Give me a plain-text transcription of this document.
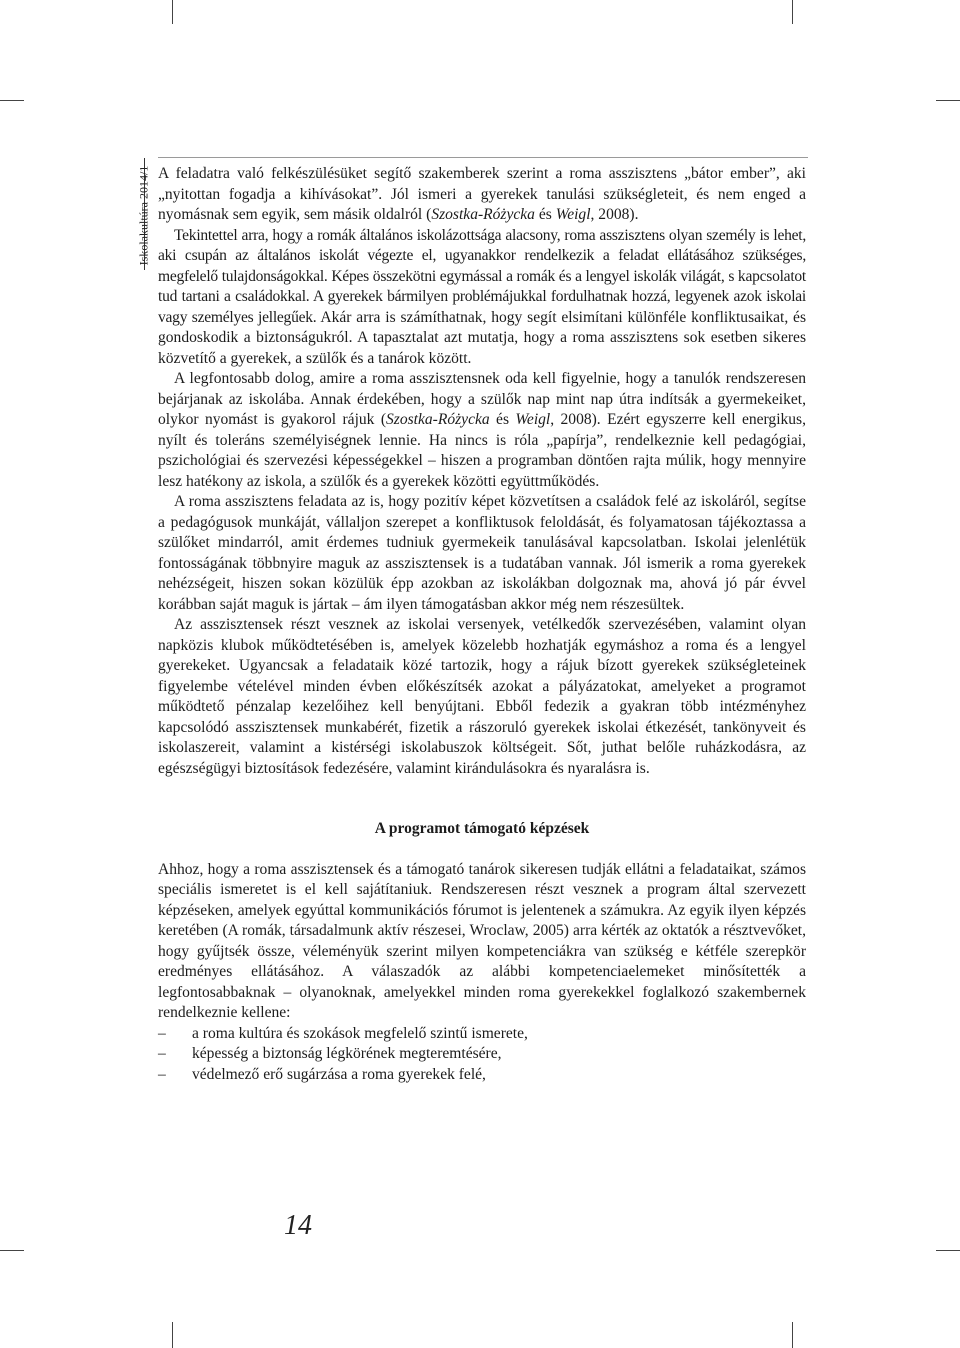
Iskolakultúra 2014/1 A feladatra való felkészülésüket segítő szakemberek szerint a roma asszisztens „bátor ember”, aki „nyitottan fogadja a kihívásokat”. Jól ismeri a gyerekek tanulási szükségleteit, és nem enged a nyomásnak sem egyik, sem másik oldalról (Szostka-Różycka és Weigl, 2008).

Tekintettel arra, hogy a romák általános iskolázottsága alacsony, roma asszisztens olyan személy is lehet, aki csupán az általános iskolát végezte el, ugyanakkor rendelkezik a feladat ellátásához szükséges, megfelelő tulajdonságokkal. Képes összekötni egymással a romák és a lengyel iskolák világát, s kapcsolatot tud tartani a családokkal. A gyerekek bármilyen problémájukkal fordulhatnak hozzá, legyenek azok iskolai vagy személyes jellegűek. Akár arra is számíthatnak, hogy segít elsimítani különféle konfliktusaikat, és gondoskodik a biztonságukról. A tapasztalat azt mutatja, hogy a roma asszisztens sok esetben sikeres közvetítő a gyerekek, a szülők és a tanárok között.

A legfontosabb dolog, amire a roma asszisztensnek oda kell figyelnie, hogy a tanulók rendszeresen bejárjanak az iskolába. Annak érdekében, hogy a szülők nap mint nap útra indítsák a gyermekeiket, olykor nyomást is gyakorol rájuk (Szostka-Różycka és Weigl, 2008). Ezért egyszerre kell energikus, nyílt és toleráns személyiségnek lennie. Ha nincs is róla „papírja”, rendelkeznie kell pedagógiai, pszichológiai és szervezési képességekkel – hiszen a programban döntően rajta múlik, hogy mennyire lesz hatékony az iskola, a szülők és a gyerekek közötti együttműködés.

A roma asszisztens feladata az is, hogy pozitív képet közvetítsen a családok felé az iskoláról, segítse a pedagógusok munkáját, vállaljon szerepet a konfliktusok feloldását, és folyamatosan tájékoztassa a szülőket mindarról, amit érdemes tudniuk gyermekeik tanulásával kapcsolatban. Iskolai jelenlétük fontosságának többnyire maguk az asszisztensek is a tudatában vannak. Jól ismerik a roma gyerekek nehézségeit, hiszen sokan közülük épp azokban az iskolákban dolgoznak ma, ahová jó pár évvel korábban saját maguk is jártak – ám ilyen támogatásban akkor még nem részesültek.

Az asszisztensek részt vesznek az iskolai versenyek, vetélkedők szervezésében, valamint olyan napközis klubok működtetésében is, amelyek közelebb hozhatják egymáshoz a roma és a lengyel gyerekeket. Ugyancsak a feladataik közé tartozik, hogy a rájuk bízott gyerekek szükségleteinek figyelembe vételével minden évben előkészítsék azokat a pályázatokat, amelyeket a programot működtető pénzalap kezelőihez kell benyújtani. Ebből fedezik a gyakran több intézményhez kapcsolódó asszisztensek munkabérét, fizetik a rászoruló gyerekek iskolai étkezését, tankönyveit és iskolaszereit, valamint a kistérségi iskolabuszok költségeit. Sőt, juthat belőle ruházkodásra, az egészségügyi biztosítások fedezésére, valamint kirándulásokra és nyaralásra is.

A programot támogató képzések

Ahhoz, hogy a roma asszisztensek és a támogató tanárok sikeresen tudják ellátni a feladataikat, számos speciális ismeretet is el kell sajátítaniuk. Rendszeresen részt vesznek a program által szervezett képzéseken, amelyek egyúttal kommunikációs fórumot is jelentenek a számukra. Az egyik ilyen képzés keretében (A romák, társadalmunk aktív részesei, Wroclaw, 2005) arra kérték az oktatók a résztvevőket, hogy gyűjtsék össze, véleményük szerint milyen kompetenciákra van szükség e kétféle szerepkör eredményes ellátásához. A válaszadók az alábbi kompetenciaelemeket minősítették a legfontosabbaknak – olyanoknak, amelyekkel minden roma gyerekekkel foglalkozó szakembernek rendelkeznie kellene:

– a roma kultúra és szokások megfelelő szintű ismerete,
– képesség a biztonság légkörének megteremtésére,
– védelmező erő sugárzása a roma gyerekek felé,
14
